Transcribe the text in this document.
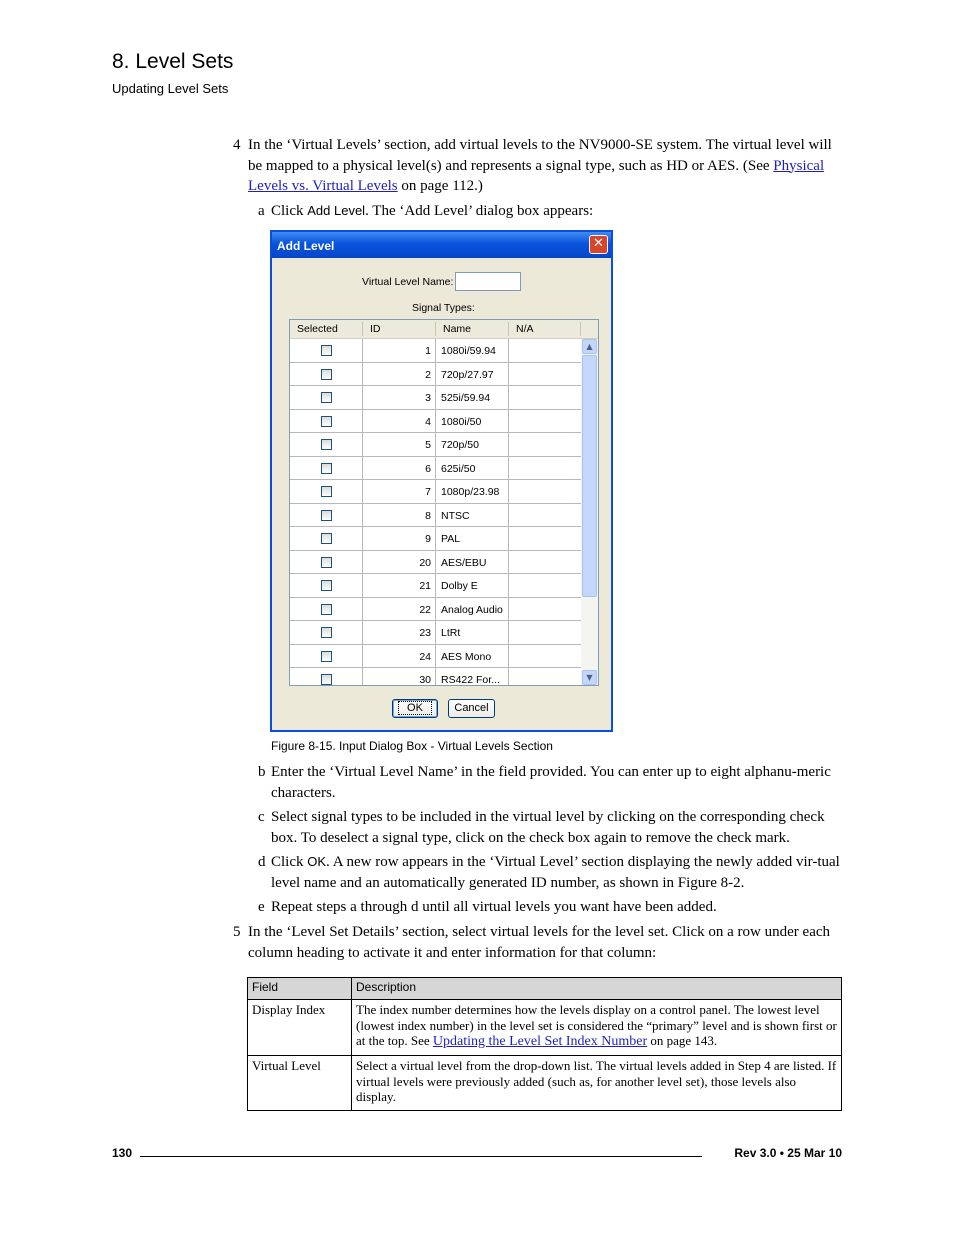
8. Level Sets
Updating Level Sets
4 In the ‘Virtual Levels’ section, add virtual levels to the NV9000-SE system. The virtual level will be mapped to a physical level(s) and represents a signal type, such as HD or AES. (See Physical Levels vs. Virtual Levels on page 112.)
a Click Add Level. The ‘Add Level’ dialog box appears:
Add Level	✕
Virtual Level Name:
Signal Types:
Selected	ID	Name	N/A
1 1080i/59.94
2 720p/27.97
3 525i/59.94
4 1080i/50
5 720p/50
6 625i/50
7 1080p/23.98
8 NTSC
9 PAL
20 AES/EBU
21 Dolby E
22 Analog Audio
23 LtRt
24 AES Mono
30 RS422 For...
▲
▼
OK	Cancel
Figure 8-15. Input Dialog Box - Virtual Levels Section
b Enter the ‘Virtual Level Name’ in the field provided. You can enter up to eight alphanu-meric characters.
c Select signal types to be included in the virtual level by clicking on the corresponding check box. To deselect a signal type, click on the check box again to remove the check mark.
d Click OK. A new row appears in the ‘Virtual Level’ section displaying the newly added vir-tual level name and an automatically generated ID number, as shown in Figure 8-2.
e Repeat steps a through d until all virtual levels you want have been added.
5 In the ‘Level Set Details’ section, select virtual levels for the level set. Click on a row under each column heading to activate it and enter information for that column:
Field	Description
Display Index	The index number determines how the levels display on a control panel. The lowest level (lowest index number) in the level set is considered the “primary” level and is shown first or at the top. See Updating the Level Set Index Number on page 143.
Virtual Level	Select a virtual level from the drop-down list. The virtual levels added in Step 4 are listed. If virtual levels were previously added (such as, for another level set), those levels also display.
130	Rev 3.0 • 25 Mar 10
